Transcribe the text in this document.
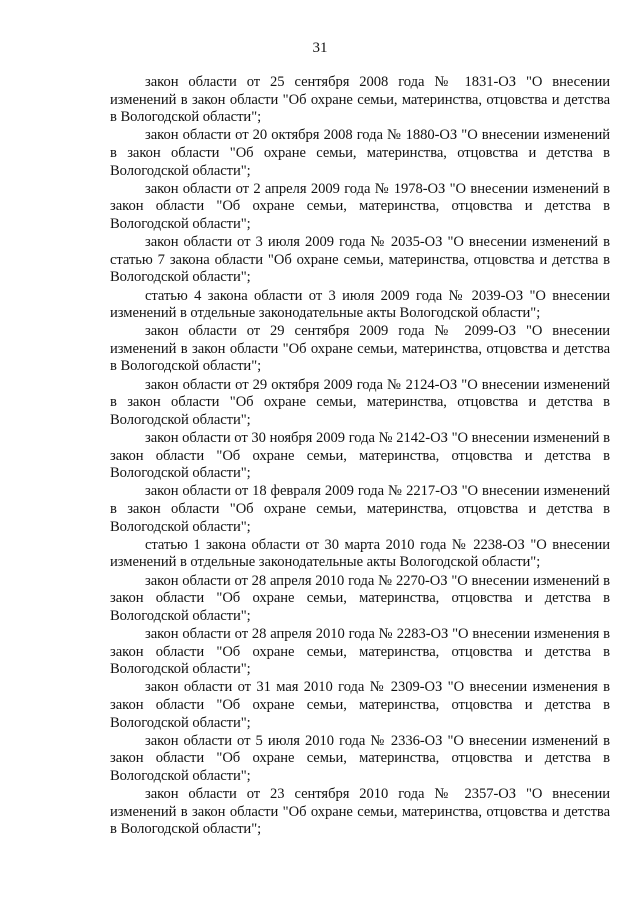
31

закон области от 25 сентября 2008 года № 1831-ОЗ "О внесении изменений в закон области "Об охране семьи, материнства, отцовства и детства в Вологодской области";

закон области от 20 октября 2008 года № 1880-ОЗ "О внесении изменений в закон области "Об охране семьи, материнства, отцовства и детства в Вологодской области";

закон области от 2 апреля 2009 года № 1978-ОЗ "О внесении изменений в закон области "Об охране семьи, материнства, отцовства и детства в Вологодской области";

закон области от 3 июля 2009 года № 2035-ОЗ "О внесении изменений в статью 7 закона области "Об охране семьи, материнства, отцовства и детства в Вологодской области";

статью 4 закона области от 3 июля 2009 года № 2039-ОЗ "О внесении изменений в отдельные законодательные акты Вологодской области";

закон области от 29 сентября 2009 года № 2099-ОЗ "О внесении изменений в закон области "Об охране семьи, материнства, отцовства и детства в Вологодской области";

закон области от 29 октября 2009 года № 2124-ОЗ "О внесении изменений в закон области "Об охране семьи, материнства, отцовства и детства в Вологодской области";

закон области от 30 ноября 2009 года № 2142-ОЗ "О внесении изменений в закон области "Об охране семьи, материнства, отцовства и детства в Вологодской области";

закон области от 18 февраля 2009 года № 2217-ОЗ "О внесении изменений в закон области "Об охране семьи, материнства, отцовства и детства в Вологодской области";

статью 1 закона области от 30 марта 2010 года № 2238-ОЗ "О внесении изменений в отдельные законодательные акты Вологодской области";

закон области от 28 апреля 2010 года № 2270-ОЗ "О внесении изменений в закон области "Об охране семьи, материнства, отцовства и детства в Вологодской области";

закон области от 28 апреля 2010 года № 2283-ОЗ "О внесении изменения в закон области "Об охране семьи, материнства, отцовства и детства в Вологодской области";

закон области от 31 мая 2010 года № 2309-ОЗ "О внесении изменения в закон области "Об охране семьи, материнства, отцовства и детства в Вологодской области";

закон области от 5 июля 2010 года № 2336-ОЗ "О внесении изменений в закон области "Об охране семьи, материнства, отцовства и детства в Вологодской области";

закон области от 23 сентября 2010 года № 2357-ОЗ "О внесении изменений в закон области "Об охране семьи, материнства, отцовства и детства в Вологодской области";
